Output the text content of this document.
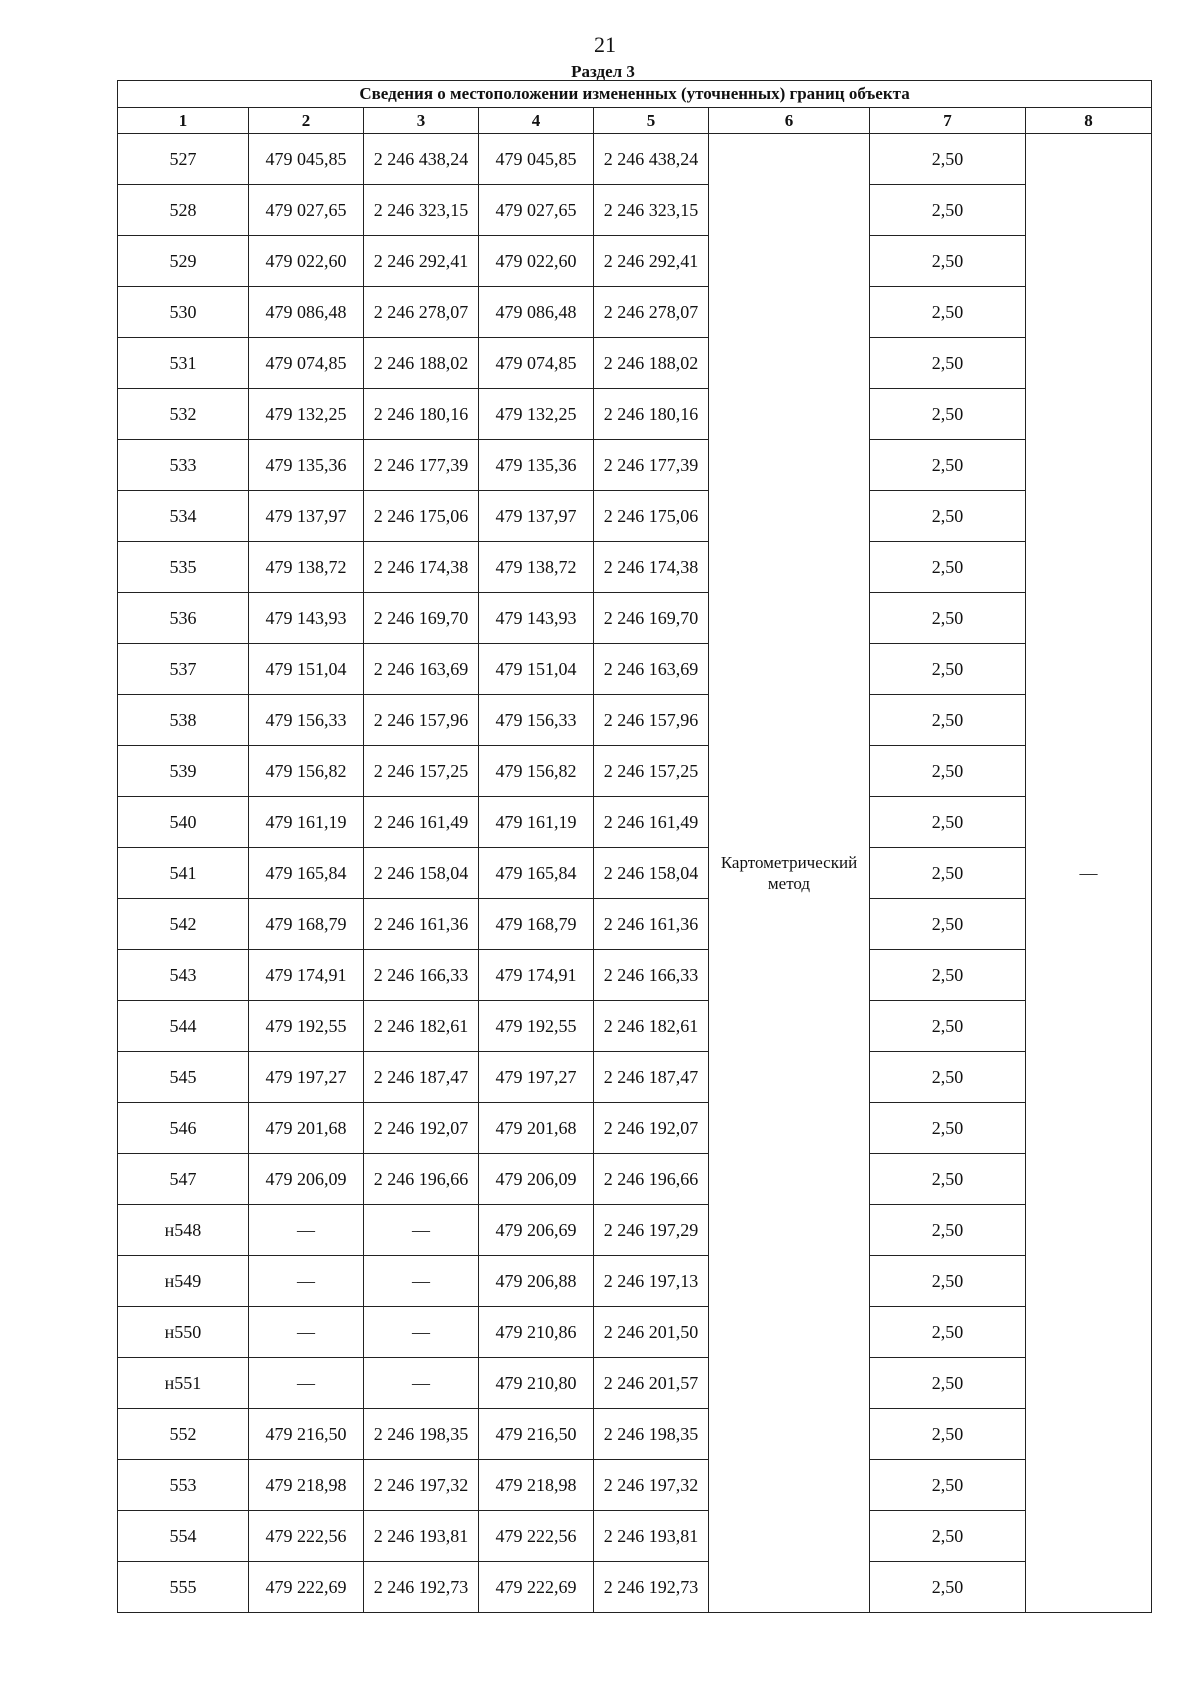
21
Раздел 3
Сведения о местоположении измененных (уточненных) границ объекта							
1	2	3	4	5	6	7	8
527	479 045,85	2 246 438,24	479 045,85	2 246 438,24	Картометрический метод	2,50	—
528	479 027,65	2 246 323,15	479 027,65	2 246 323,15		2,50	
529	479 022,60	2 246 292,41	479 022,60	2 246 292,41		2,50	
530	479 086,48	2 246 278,07	479 086,48	2 246 278,07		2,50	
531	479 074,85	2 246 188,02	479 074,85	2 246 188,02		2,50	
532	479 132,25	2 246 180,16	479 132,25	2 246 180,16		2,50	
533	479 135,36	2 246 177,39	479 135,36	2 246 177,39		2,50	
534	479 137,97	2 246 175,06	479 137,97	2 246 175,06		2,50	
535	479 138,72	2 246 174,38	479 138,72	2 246 174,38		2,50	
536	479 143,93	2 246 169,70	479 143,93	2 246 169,70		2,50	
537	479 151,04	2 246 163,69	479 151,04	2 246 163,69		2,50	
538	479 156,33	2 246 157,96	479 156,33	2 246 157,96		2,50	
539	479 156,82	2 246 157,25	479 156,82	2 246 157,25		2,50	
540	479 161,19	2 246 161,49	479 161,19	2 246 161,49		2,50	
541	479 165,84	2 246 158,04	479 165,84	2 246 158,04		2,50	
542	479 168,79	2 246 161,36	479 168,79	2 246 161,36		2,50	
543	479 174,91	2 246 166,33	479 174,91	2 246 166,33		2,50	
544	479 192,55	2 246 182,61	479 192,55	2 246 182,61		2,50	
545	479 197,27	2 246 187,47	479 197,27	2 246 187,47		2,50	
546	479 201,68	2 246 192,07	479 201,68	2 246 192,07		2,50	
547	479 206,09	2 246 196,66	479 206,09	2 246 196,66		2,50	
н548	—	—	479 206,69	2 246 197,29		2,50	
н549	—	—	479 206,88	2 246 197,13		2,50	
н550	—	—	479 210,86	2 246 201,50		2,50	
н551	—	—	479 210,80	2 246 201,57		2,50	
552	479 216,50	2 246 198,35	479 216,50	2 246 198,35		2,50	
553	479 218,98	2 246 197,32	479 218,98	2 246 197,32		2,50	
554	479 222,56	2 246 193,81	479 222,56	2 246 193,81		2,50	
555	479 222,69	2 246 192,73	479 222,69	2 246 192,73		2,50	
